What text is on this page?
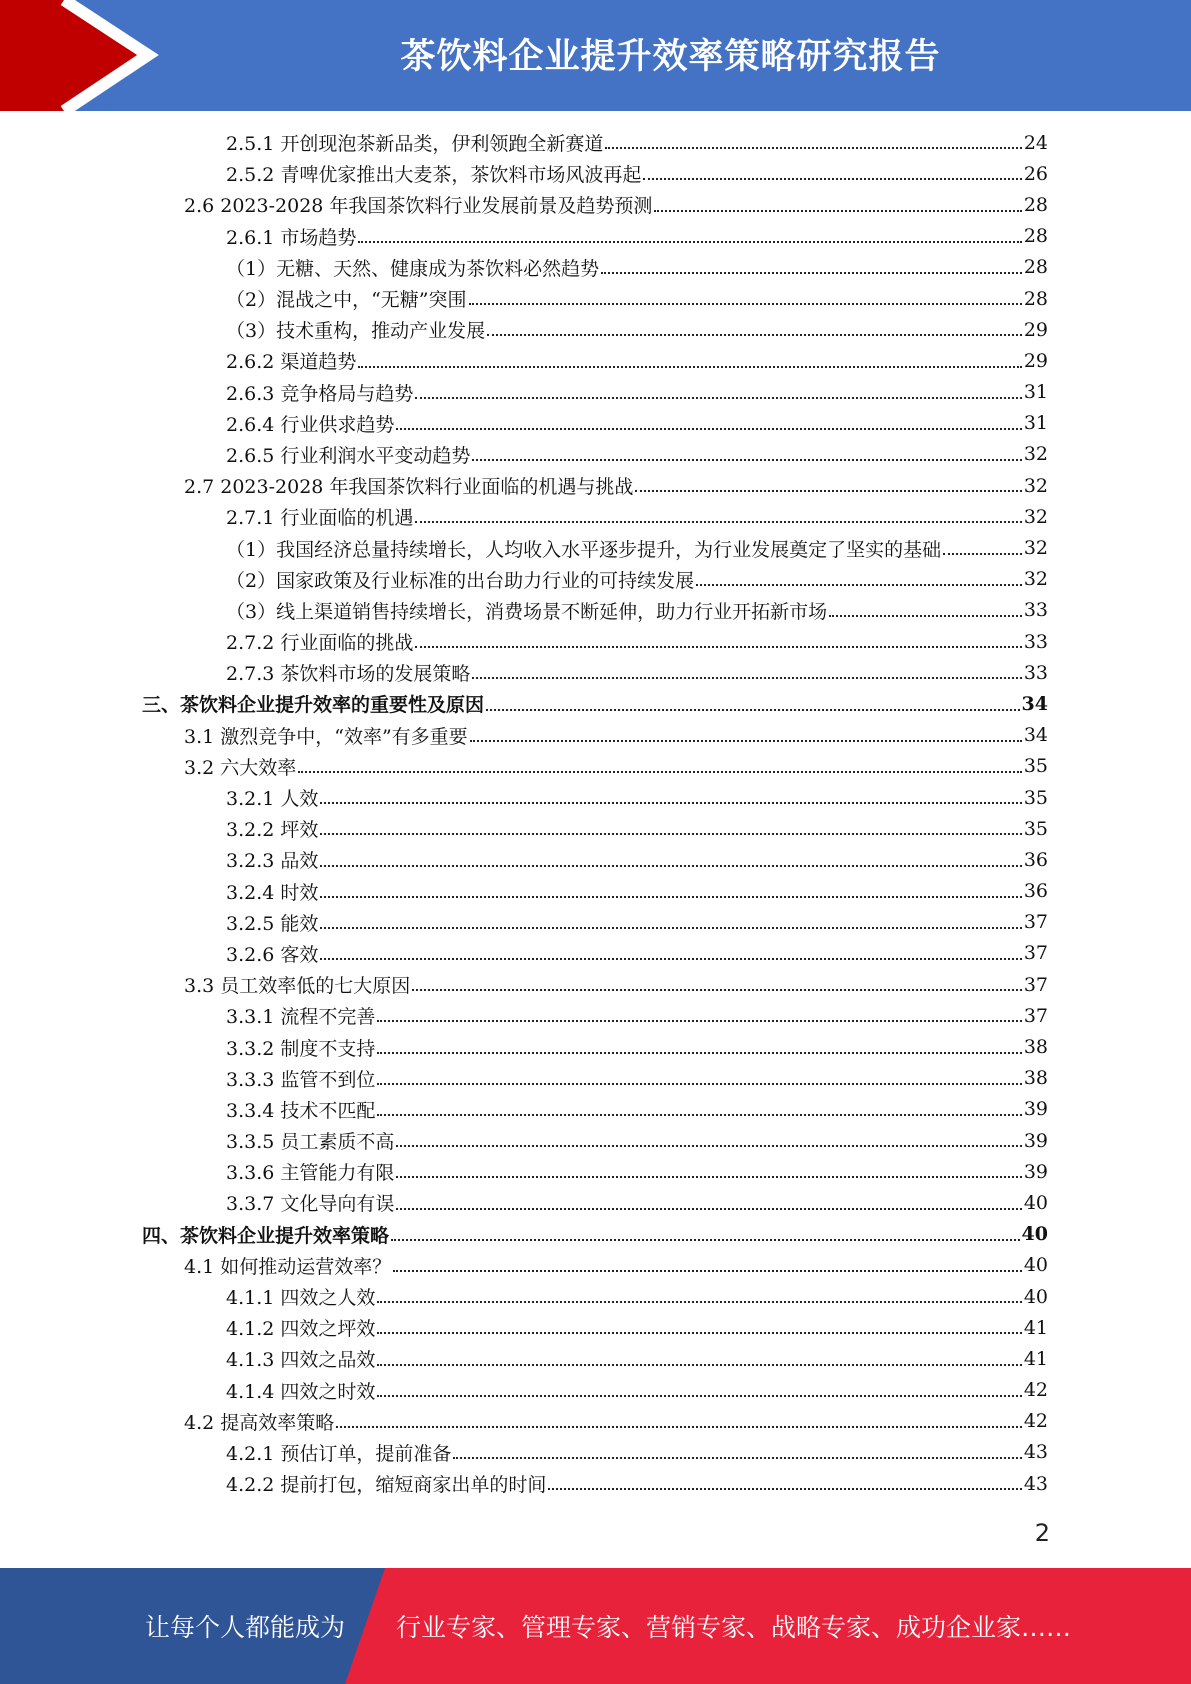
茶饮料企业提升效率策略研究报告
2.5.1 开创现泡茶新品类，伊利领跑全新赛道	24
2.5.2 青啤优家推出大麦茶，茶饮料市场风波再起	26
2.6 2023-2028 年我国茶饮料行业发展前景及趋势预测	28
2.6.1 市场趋势	28
（1）无糖、天然、健康成为茶饮料必然趋势	28
（2）混战之中，“无糖”突围	28
（3）技术重构，推动产业发展	29
2.6.2 渠道趋势	29
2.6.3 竞争格局与趋势	31
2.6.4 行业供求趋势	31
2.6.5 行业利润水平变动趋势	32
2.7 2023-2028 年我国茶饮料行业面临的机遇与挑战	32
2.7.1 行业面临的机遇	32
（1）我国经济总量持续增长，人均收入水平逐步提升，为行业发展奠定了坚实的基础	32
（2）国家政策及行业标准的出台助力行业的可持续发展	32
（3）线上渠道销售持续增长，消费场景不断延伸，助力行业开拓新市场	33
2.7.2 行业面临的挑战	33
2.7.3 茶饮料市场的发展策略	33
三、茶饮料企业提升效率的重要性及原因	34
3.1 激烈竞争中，“效率”有多重要	34
3.2 六大效率	35
3.2.1 人效	35
3.2.2 坪效	35
3.2.3 品效	36
3.2.4 时效	36
3.2.5 能效	37
3.2.6 客效	37
3.3 员工效率低的七大原因	37
3.3.1 流程不完善	37
3.3.2 制度不支持	38
3.3.3 监管不到位	38
3.3.4 技术不匹配	39
3.3.5 员工素质不高	39
3.3.6 主管能力有限	39
3.3.7 文化导向有误	40
四、茶饮料企业提升效率策略	40
4.1 如何推动运营效率？	40
4.1.1 四效之人效	40
4.1.2 四效之坪效	41
4.1.3 四效之品效	41
4.1.4 四效之时效	42
4.2 提高效率策略	42
4.2.1 预估订单，提前准备	43
4.2.2 提前打包，缩短商家出单的时间	43
2
让每个人都能成为	行业专家、管理专家、营销专家、战略专家、成功企业家……
